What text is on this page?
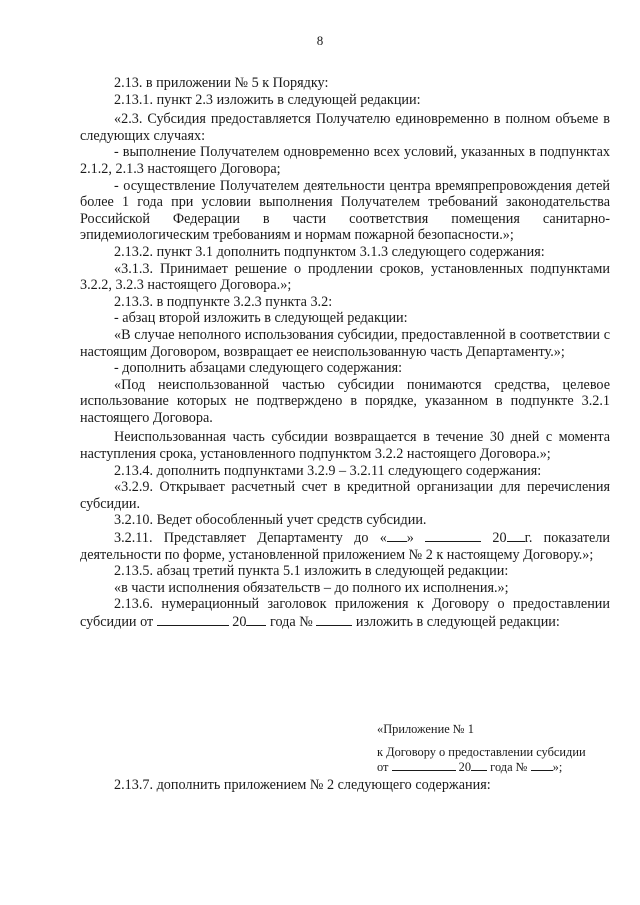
8

2.13. в приложении № 5 к Порядку:

2.13.1. пункт 2.3 изложить в следующей редакции:

«2.3. Субсидия предоставляется Получателю единовременно в полном объеме в следующих случаях:

- выполнение Получателем одновременно всех условий, указанных в подпунктах 2.1.2, 2.1.3 настоящего Договора;

- осуществление Получателем деятельности центра времяпрепровождения детей более 1 года при условии выполнения Получателем требований законодательства Российской Федерации в части соответствия помещения санитарно-эпидемиологическим требованиям и нормам пожарной безопасности.»;

2.13.2. пункт 3.1 дополнить подпунктом 3.1.3 следующего содержания:

«3.1.3. Принимает решение о продлении сроков, установленных подпунктами 3.2.2, 3.2.3 настоящего Договора.»;

2.13.3. в подпункте 3.2.3 пункта 3.2:

- абзац второй изложить в следующей редакции:

«В случае неполного использования субсидии, предоставленной в соответствии с настоящим Договором, возвращает ее неиспользованную часть Департаменту.»;

- дополнить абзацами следующего содержания:

«Под неиспользованной частью субсидии понимаются средства, целевое использование которых не подтверждено в порядке, указанном в подпункте 3.2.1 настоящего Договора.

Неиспользованная часть субсидии возвращается в течение 30 дней с момента наступления срока, установленного подпунктом 3.2.2 настоящего Договора.»;

2.13.4. дополнить подпунктами 3.2.9 – 3.2.11 следующего содержания:

«3.2.9. Открывает расчетный счет в кредитной организации для перечисления субсидии.

3.2.10. Ведет обособленный учет средств субсидии.

3.2.11. Представляет Департаменту до « »	20 г. показатели деятельности по форме, установленной приложением № 2 к настоящему Договору.»;

2.13.5. абзац третий пункта 5.1 изложить в следующей редакции:

«в части исполнения обязательств – до полного их исполнения.»;

2.13.6. нумерационный заголовок приложения к Договору о предоставлении субсидии от	20 года №	изложить в следующей редакции:

«Приложение № 1
к Договору о предоставлении субсидии
от	20 года № »;
2.13.7. дополнить приложением № 2 следующего содержания:
